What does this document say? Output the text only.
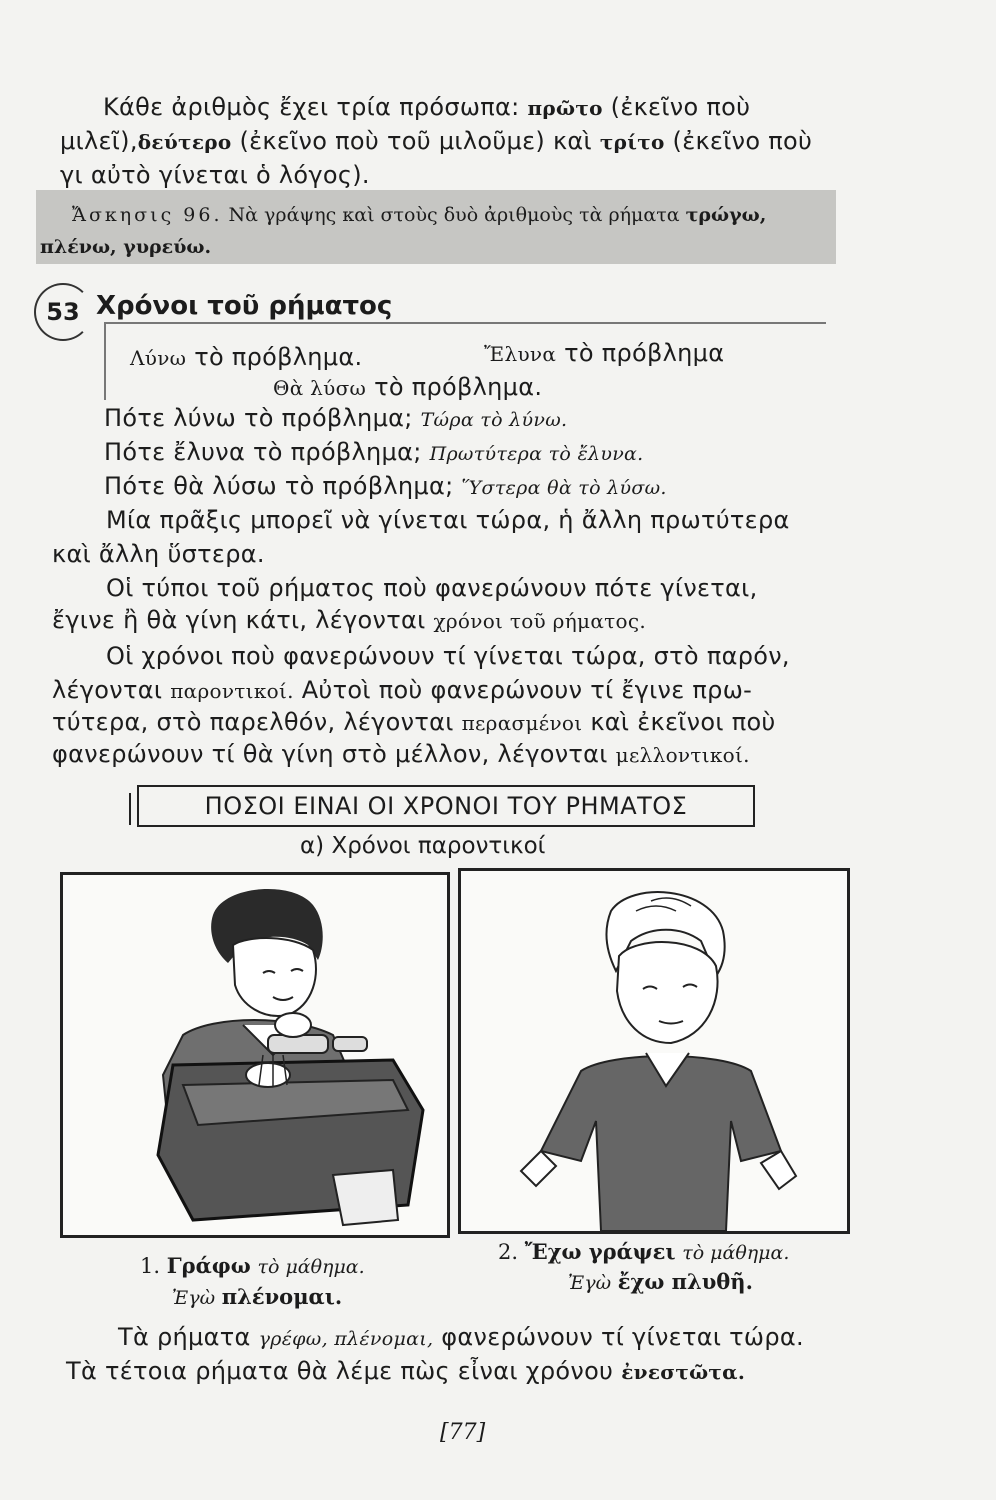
Κάθε ἀριθμὸς ἔχει τρία πρόσωπα: πρῶτο (ἐκεῖνο ποὺ
μιλεῖ),δεύτερο (ἐκεῖνο ποὺ τοῦ μιλοῦμε) καὶ τρίτο (ἐκεῖνο ποὺ
γι αὐτὸ γίνεται ὁ λόγος).
Ἄσκησις 96. Νὰ γράψης καὶ στοὺς δυὸ ἀριθμοὺς τὰ ρήματα τρώγω,
πλένω, γυρεύω.
53 Χρόνοι τοῦ ρήματος
Λύνω τὸ πρόβλημα.	Ἔλυνα τὸ πρόβλημα
Θὰ λύσω τὸ πρόβλημα.
Πότε λύνω τὸ πρόβλημα; Τώρα τὸ λύνω.
Πότε ἔλυνα τὸ πρόβλημα; Πρωτύτερα τὸ ἔλυνα.
Πότε θὰ λύσω τὸ πρόβλημα; Ὕστερα θὰ τὸ λύσω.
Μία πρᾶξις μπορεῖ νὰ γίνεται τώρα, ἡ ἄλλη πρωτύτερα
καὶ ἄλλη ὕστερα.
Οἱ τύποι τοῦ ρήματος ποὺ φανερώνουν πότε γίνεται,
ἔγινε ἢ θὰ γίνη κάτι, λέγονται χρόνοι τοῦ ρήματος.
Οἱ χρόνοι ποὺ φανερώνουν τί γίνεται τώρα, στὸ παρόν,
λέγονται παροντικοί. Αὐτοὶ ποὺ φανερώνουν τί ἔγινε πρω-
τύτερα, στὸ παρελθόν, λέγονται περασμένοι καὶ ἐκεῖνοι ποὺ
φανερώνουν τί θὰ γίνη στὸ μέλλον, λέγονται μελλοντικοί.
ΠΟΣΟΙ ΕΙΝΑΙ ΟΙ ΧΡΟΝΟΙ ΤΟΥ ΡΗΜΑΤΟΣ
α) Χρόνοι παροντικοί
1. Γράφω τὸ μάθημα.
Ἐγὼ πλένομαι.
2. Ἔχω γράψει τὸ μάθημα.
Ἐγὼ ἔχω πλυθῆ.
Τὰ ρήματα γρέφω, πλένομαι, φανερώνουν τί γίνεται τώρα.
Τὰ τέτοια ρήματα θὰ λέμε πὼς εἶναι χρόνου ἐνεστῶτα.
[77]
